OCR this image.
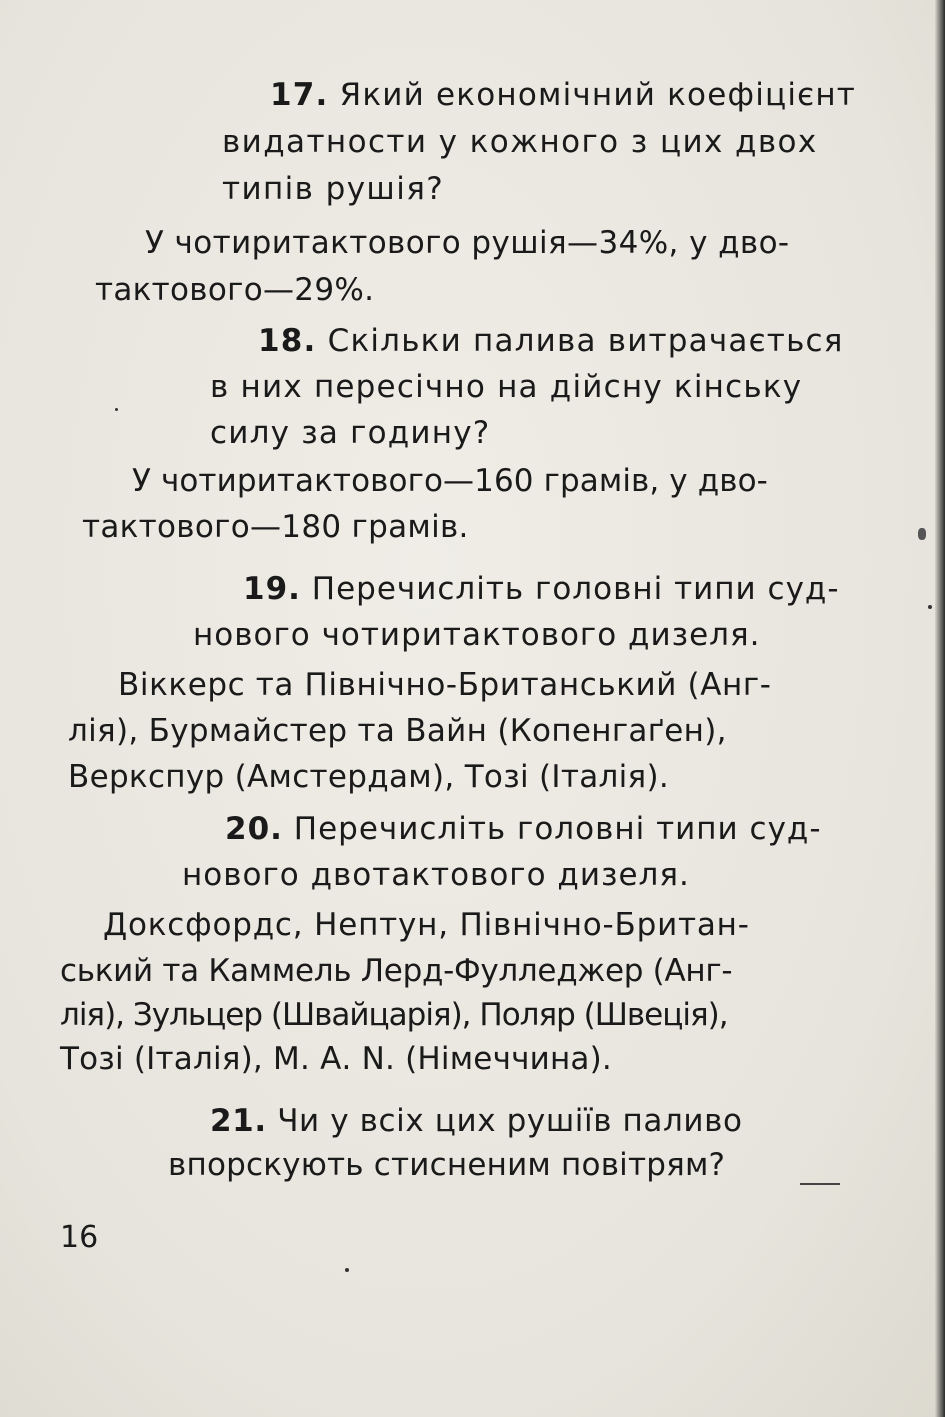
17. Який економічний коефіцієнт
видатности у кожного з цих двох
типів рушія?
У чотиритактового рушія—34%, у дво-
тактового—29%.
18. Скільки палива витрачається
в них пересічно на дійсну кінську
силу за годину?
У чотиритактового—160 грамів, у дво-
тактового—180 грамів.
19. Перечисліть головні типи суд-
нового чотиритактового дизеля.
Віккерс та Північно-Британський (Анг-
лія), Бурмайстер та Вайн (Копенгаґен),
Веркспур (Амстердам), Тозі (Італія).
20. Перечисліть головні типи суд-
нового двотактового дизеля.
Доксфордс, Нептун, Північно-Британ-
ський та Каммель Лерд-Фулледжер (Анг-
лія), Зульцер (Швайцарія), Поляр (Швеція),
Тозі (Італія), М. А. N. (Німеччина).
21. Чи у всіх цих рушіїв паливо
впорскують стисненим повітрям?
16
